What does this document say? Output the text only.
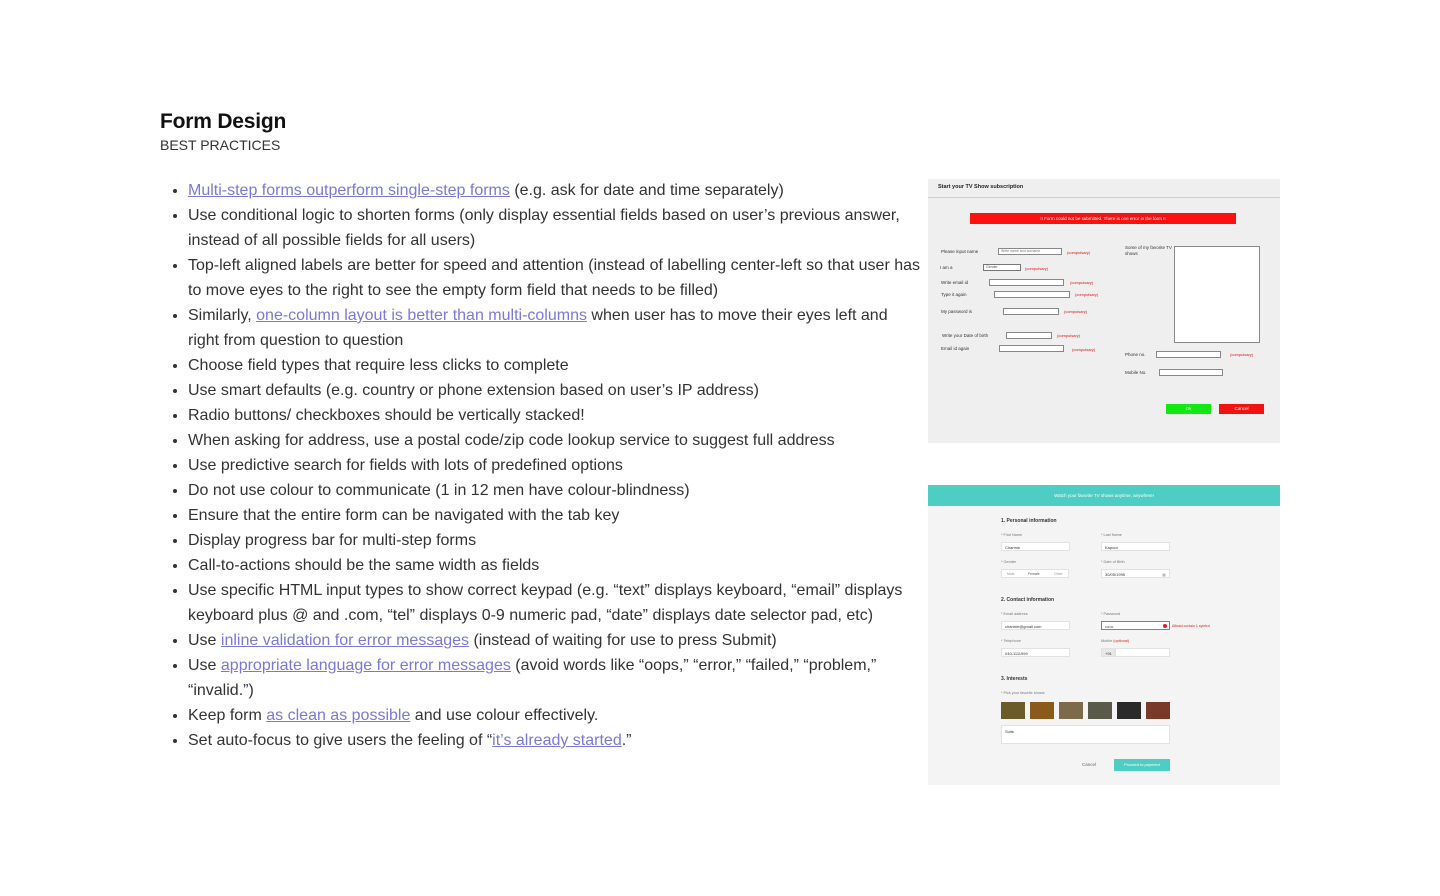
Form Design
BEST PRACTICES
• Multi-step forms outperform single-step forms (e.g. ask for date and time separately)
• Use conditional logic to shorten forms (only display essential fields based on user’s previous answer, instead of all possible fields for all users)
• Top-left aligned labels are better for speed and attention (instead of labelling center-left so that user has to move eyes to the right to see the empty form field that needs to be filled)
• Similarly, one-column layout is better than multi-columns when user has to move their eyes left and right from question to question
• Choose field types that require less clicks to complete
• Use smart defaults (e.g. country or phone extension based on user’s IP address)
• Radio buttons/ checkboxes should be vertically stacked!
• When asking for address, use a postal code/zip code lookup service to suggest full address
• Use predictive search for fields with lots of predefined options
• Do not use colour to communicate (1 in 12 men have colour-blindness)
• Ensure that the entire form can be navigated with the tab key
• Display progress bar for multi-step forms
• Call-to-actions should be the same width as fields
• Use specific HTML input types to show correct keypad (e.g. “text” displays keyboard, “email” displays keyboard plus @ and .com, “tel” displays 0-9 numeric pad, “date” displays date selector pad, etc)
• Use inline validation for error messages (instead of waiting for use to press Submit)
• Use appropriate language for error messages (avoid words like “oops,” “error,” “failed,” “problem,” “invalid.”)
• Keep form as clean as possible and use colour effectively.
• Set auto-focus to give users the feeling of “it’s already started.”
Start your TV Show subscription
!! Form could not be submitted. There is one error in the form !!
Please input name	Write name and surname	(compulsary)
I am a	Gender	(compulsary)
Write email id	(compulsary)
Type it again	(compulsary)
My password is	(compulsary)
Write your Date of birth	(compulsary)
Email id again	(compulsary)
Some of my favorite TV shows
Phone no.	(compulsary)
Mobile No.
Ok	Cancel
Watch your favorite TV shows anytime, anywhere!
1. Personal information
* First Name
Charmie
* Last Name
Kapoor
* Gender
Male	Female	Other
* Date of Birth
30/05/1995	▦
2. Contact information
* Email address
charmie@gmail.com
* Password
••••••	Atleast contain 1 symbol
* Telephone
040-1111999
Mobile (optional)
+91
3. Interests
* Pick your favorite shows
Suits
Cancel	Proceed to payment
